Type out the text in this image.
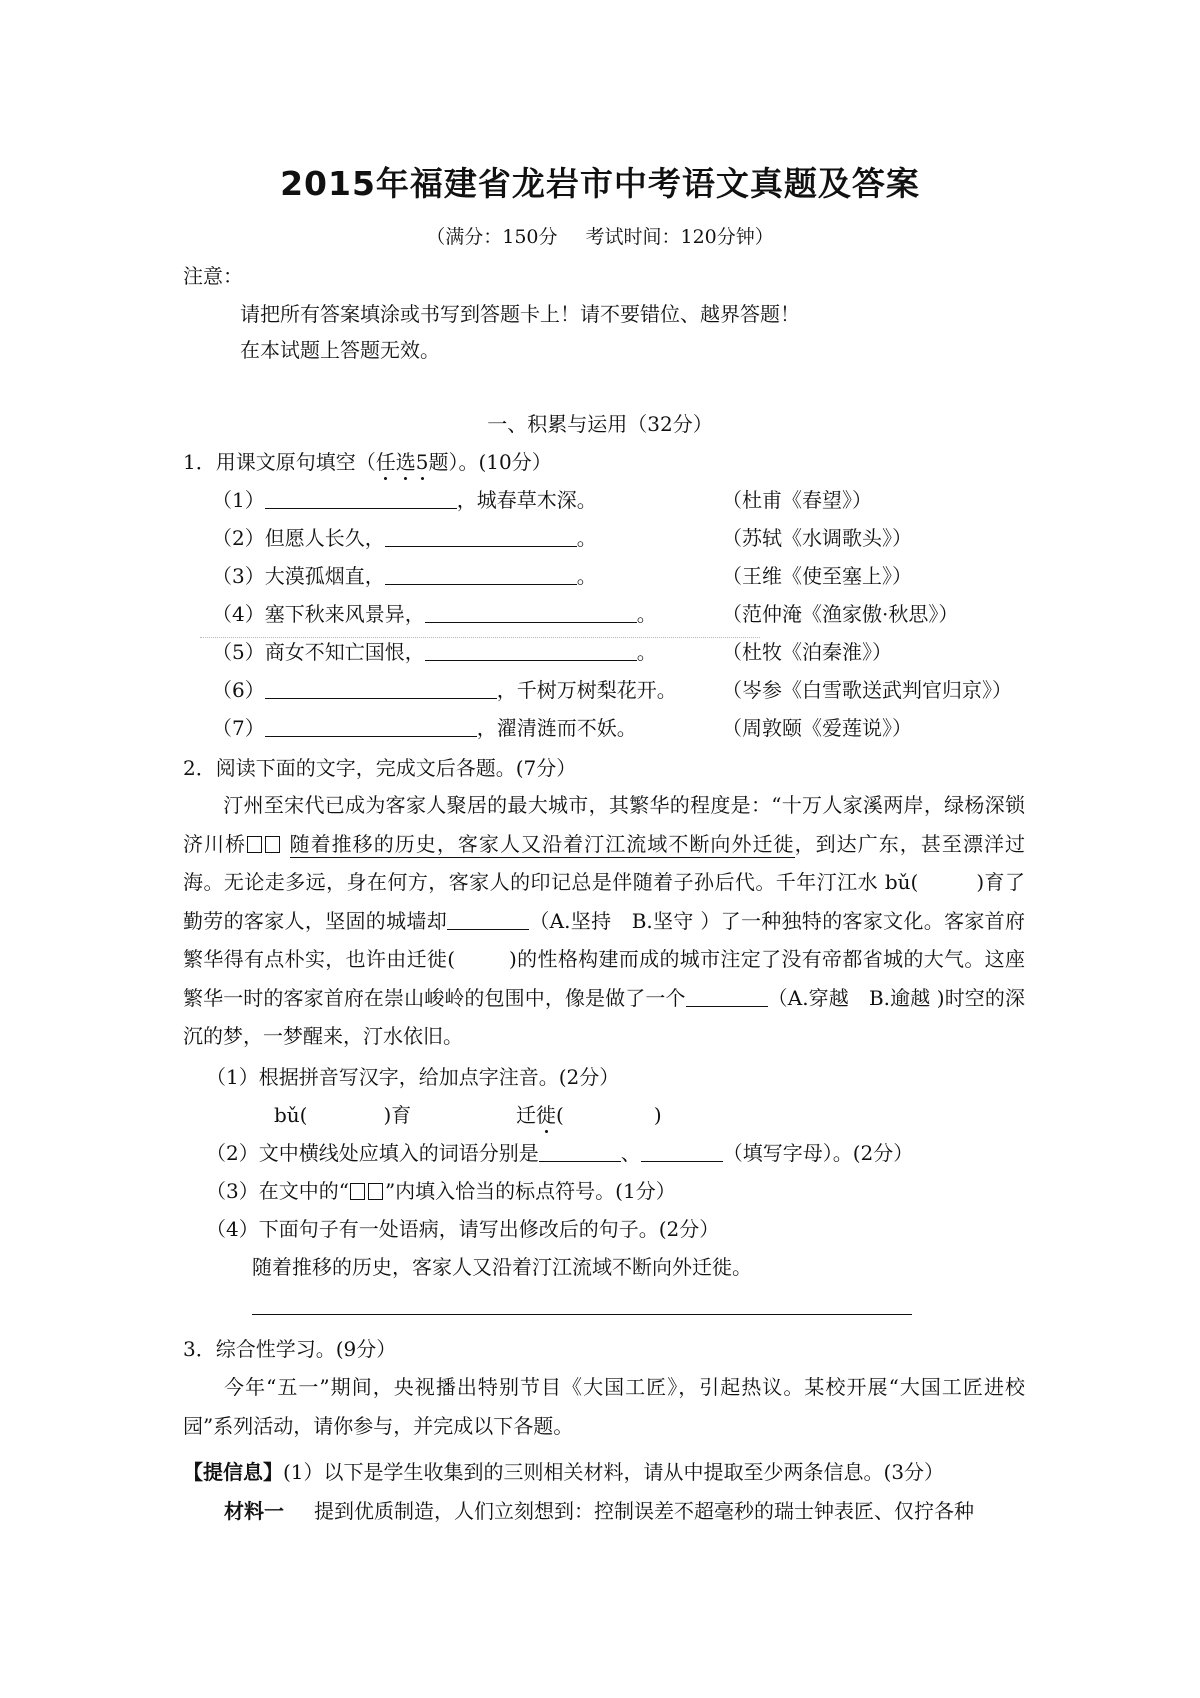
2015年福建省龙岩市中考语文真题及答案
（满分：150分 考试时间：120分钟）
注意：
请把所有答案填涂或书写到答题卡上！请不要错位、越界答题！
在本试题上答题无效。
一、积累与运用（32分）
1．用课文原句填空（任选5题）。(10分）
（1）	，城春草木深。	（杜甫《春望》）
（2）但愿人长久，	。	（苏轼《水调歌头》）
（3）大漠孤烟直，	。	（王维《使至塞上》）
（4）塞下秋来风景异，	。	（范仲淹《渔家傲·秋思》）
（5）商女不知亡国恨，	。	（杜牧《泊秦淮》）
（6）	，千树万树梨花开。 （岑参《白雪歌送武判官归京》）
（7）	，濯清涟而不妖。	（周敦颐《爱莲说》）
2．阅读下面的文字，完成文后各题。(7分）
汀州至宋代已成为客家人聚居的最大城市，其繁华的程度是：“十万人家溪两岸，绿杨深锁济川桥 随着推移的历史，客家人又沿着汀江流域不断向外迁徙，到达广东，甚至漂洋过海。无论走多远，身在何方，客家人的印记总是伴随着子孙后代。千年汀江水 bǔ(	)育了勤劳的客家人，坚固的城墙却	（A.坚持　B.坚守 ）了一种独特的客家文化。客家首府繁华得有点朴实，也许由迁徙(	)的性格构建而成的城市注定了没有帝都省城的大气。这座繁华一时的客家首府在崇山峻岭的包围中，像是做了一个	（A.穿越　B.逾越 )时空的深沉的梦，一梦醒来，汀水依旧。
（1）根据拼音写汉字，给加点字注音。(2分）
bǔ(	)育	迁徙(	)
（2）文中横线处应填入的词语分别是	、	（填写字母）。(2分）
（3）在文中的“ ”内填入恰当的标点符号。(1分）
（4）下面句子有一处语病，请写出修改后的句子。(2分）
随着推移的历史，客家人又沿着汀江流域不断向外迁徙。
3．综合性学习。(9分）
今年“五一”期间，央视播出特别节目《大国工匠》，引起热议。某校开展“大国工匠进校园”系列活动，请你参与，并完成以下各题。
【提信息】(1）以下是学生收集到的三则相关材料，请从中提取至少两条信息。(3分）
材料一 提到优质制造，人们立刻想到：控制误差不超毫秒的瑞士钟表匠、仅拧各种
